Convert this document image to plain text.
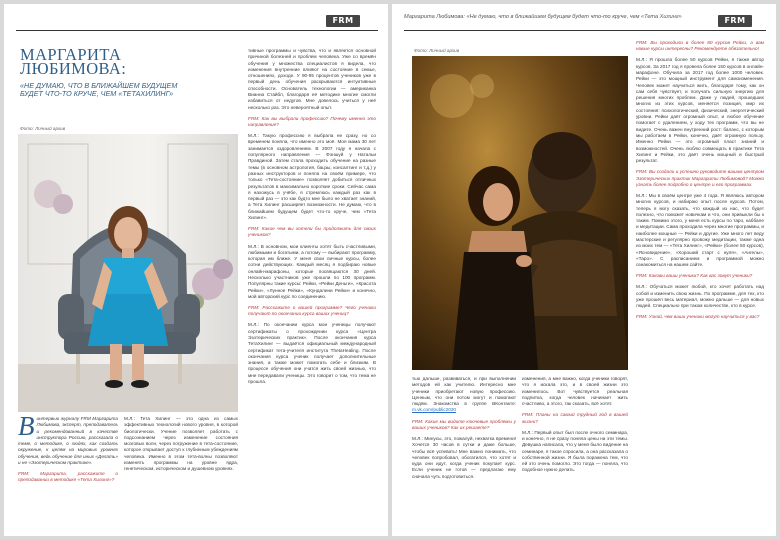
FRM
МАРГАРИТА
ЛЮБИМОВА:
«НЕ ДУМАЮ, ЧТО В БЛИЖАЙШЕМ БУДУЩЕМ БУДЕТ ЧТО-ТО КРУЧЕ, ЧЕМ «ТЕТАХИЛИНГ»
Фото: Личный архив

В интервью журналу FRM Маргарита Любимова, эксперт, преподаватель и рекомендованный в качестве инструктора Россию, рассказала о теме, о методике, о людях, как создать окружение, к целям на мировых уровнях обучения, ведь обучение для иных «Делать» и не «Эзотерическом практике».

FRM: Маргарита, расскажите о преподавании в методике «Тета Хилинг»?

М.Л.: Тета Хилинг — это одна из самых эффективных технологий нового уровня, в которой биологически. Учение позволяет работать с подсознанием через изменение состояния мозговых волн, через погружение в тета-состояние, которое открывает доступ к глубинным убеждениям человека. Именно в этом тета-волны позволяют изменять программы на уровне ядра, генетическом, историческом и душевном уровнях.

тивные программы и чувства, что и является основной причиной болезней и проблем человека. Уже со времён обучения у множества специалистов я видела, что изменения внутренние влияют на состояние в семье, отношениях, доходе. У 90-95 процентов учеников уже в первый день обучения раскрываются интуитивные способности. Основатель технологии — американка Вианна Стайбл, благодаря её методике многие смогли избавиться от недугов. Мне довелось учиться у неё несколько раз. Это невероятный опыт.

FRM: Как вы выбрали профессию? Почему именно это направление?

М.Л.: Такую профессию я выбрала не сразу, но со временем поняла, что именно это моё. Моя мама 30 лет занимается оздоровлением. В 2007 году я начала с популярного направления — Фэншуй у Натальи Правдиной. Затем стала проходить обучение на разные темы (в основном астрология, бацзы, консалтинг и т.д.) у разных инструкторов и поняла на своём примере, что только «Тета-состояние» позволяет добиться отличных результатов в максимально короткие сроки. Сейчас сама я нахожусь в учёбе, я стремлюсь каждый раз как в первый раз — это как будто мне было не хватает знаний, а Тета Хилинг расширяет возможности. Не думаю, что в ближайшем будущем будет что-то круче, чем «Тета Хилинг».

FRM: Какие чем вы хотели бы продолжить для своих учеников?

М.Л.: В основном, мои клиенты хотят быть счастливыми, любимыми и богатыми, а потому — выбирают программу, которая им ближе. У меня свои личные курсы, более сотни действующих. Каждый месяц я подбираю новые онлайн-марафоны, которые посвящаются 30 дней. Несколько участников уже прошли по 100 программ. Популярны такие курсы: Рейки, «Рейки Деньги», «Красота Рейки», «Лунное Рейки», «Кундалини Рейки» и конечно, мой авторский курс по соединению.

FRM: Расскажите о вашей программе? Чего ученики получают по окончании курса ваших учениц?

М.Л.: По окончании курса мои ученицы получают сертификаты о прохождении курса «Центра Эзотерических практик». После окончания курса ТетаХилинг — выдаётся официальный международный сертификат тета-учителя института ThetaHealing. После окончания курса ученик получает дополнительные знания, а также может помогать себе и близким. В процессе обучения они учатся жить своей жизнью, что мне передавали ученицы. Это говорит о том, что тема не прошла.

Маргарита Любимова: «Не думаю, что в ближайшем будущем будет что-то круче, чем «Тета Хилинг»	FRM
Фото: Личный архив

тью дальше, развиваться, и при выполнении методов ей как учителю. Интересно мне ученики приобретают новую профессию. Ценным, что они потом могут и помогают людям. Знакомства в группе ВКонтакте: m.vk.com/public2020

FRM: Какие мы видите ключевые проблемы у ваших учеников? Как их решаете?

М.Л.: Минусы, это, пожалуй, нехватка времени! Хочется 30 часов в сутки и даже больше, чтобы всё успевать! Мне важно понимать, что человек попробовал, обогатился, что хотят и куда они идут, когда ученик покупает курс. Если ученик не готов — предлагаю ему сначала чуть подготовиться.

изменения, а мне важно, когда ученики говорят, что я искала это, и в своей жизни это изменилось. Вот чувствуется реальная подпитка, когда человек начинает жить счастливо, а этого, так сказать, всё хотят.

FRM: Планы на самый трудный год в вашей жизни?

М.Л.: Первый опыт был после очного семинара, и конечно, я не сразу поняла цены на эти темы. Девушка написала, что у меня было видение на семинаре, я такое спросила, а она рассказала о собственной жизни. Я была поражена тем, что ей это очень помогло. Это тогда — поняла, что подобное нужно делать.

FRM: Вы проходили в более 80 курсов Рейки, а вам новые курсы интересны? Рекомендуете обязательно!

М.Л.: Я прошла более 50 курсов Рейки, я также автор курсов. За 2017 год я провела более 150 курсов в онлайн-марафоне. Обучила за 2017 год более 1000 человек. Рейки — это мощный инструмент для самоизменения. Человек может научиться жить, благодаря тому, как он сам себя чувствует, и получать сильную энергию для решения многих проблем. Даже у людей, прошедших многих из этих курсов, меняется позиция, мир их состояния: психологический, физический, энергетический уровни. Рейки даёт огромный опыт, и любое обучение помогает с удалением, у ходу тех программ, что вы не видите. Очень важен внутренний рост: баланс, с которым мы работаем в Рейки, конечно, даёт огромную пользу. Именно Рейки — это огромный пласт знаний и возможностей. Очень люблю совмещать в практике Тета Хилинг и Рейки, это даёт очень мощный и быстрый результат.

FRM: Вы создали и успешно руководите вашим центром Эзотерических практик Маргариты Любимовой? Можно узнать более подробно о центре и его программах.

М.Л.: Мы в своём центре уже 4 года. Я являюсь автором многих курсов, и набираю опыт после курсов. Потом, теперь я могу сказать, что каждый из нас, что будет полезно, что поможет новичкам и что, они привыкли бы к таким. Помимо этого, у меня есть курсы по таро, каббале и медитации. Сама проходила через многие программы, и наиболее мощные — Рейки и другие. Уже много лет веду мастерские и регулярно провожу медитации, также одна из моих тем — «Тета Хилинг», «Рейки» (более 50 курсов), «Ясновидение», «Хороший старт с нуля», «Ангелы», «Таро». С расписанием и программой можно ознакомиться на нашем сайте.

FRM: Каковы ваши ученики? Как вас зовут ученики?

М.Л.: Обучаться может любой, кто хочет работать над собой и изменить свою жизнь. По программе, для тех, кто уже прошёл весь материал, можно дальше — для новых людей. Специально при таком количестве, кто в курсе.

FRM: Узнай, чем ваши ученики могут научиться у вас?
